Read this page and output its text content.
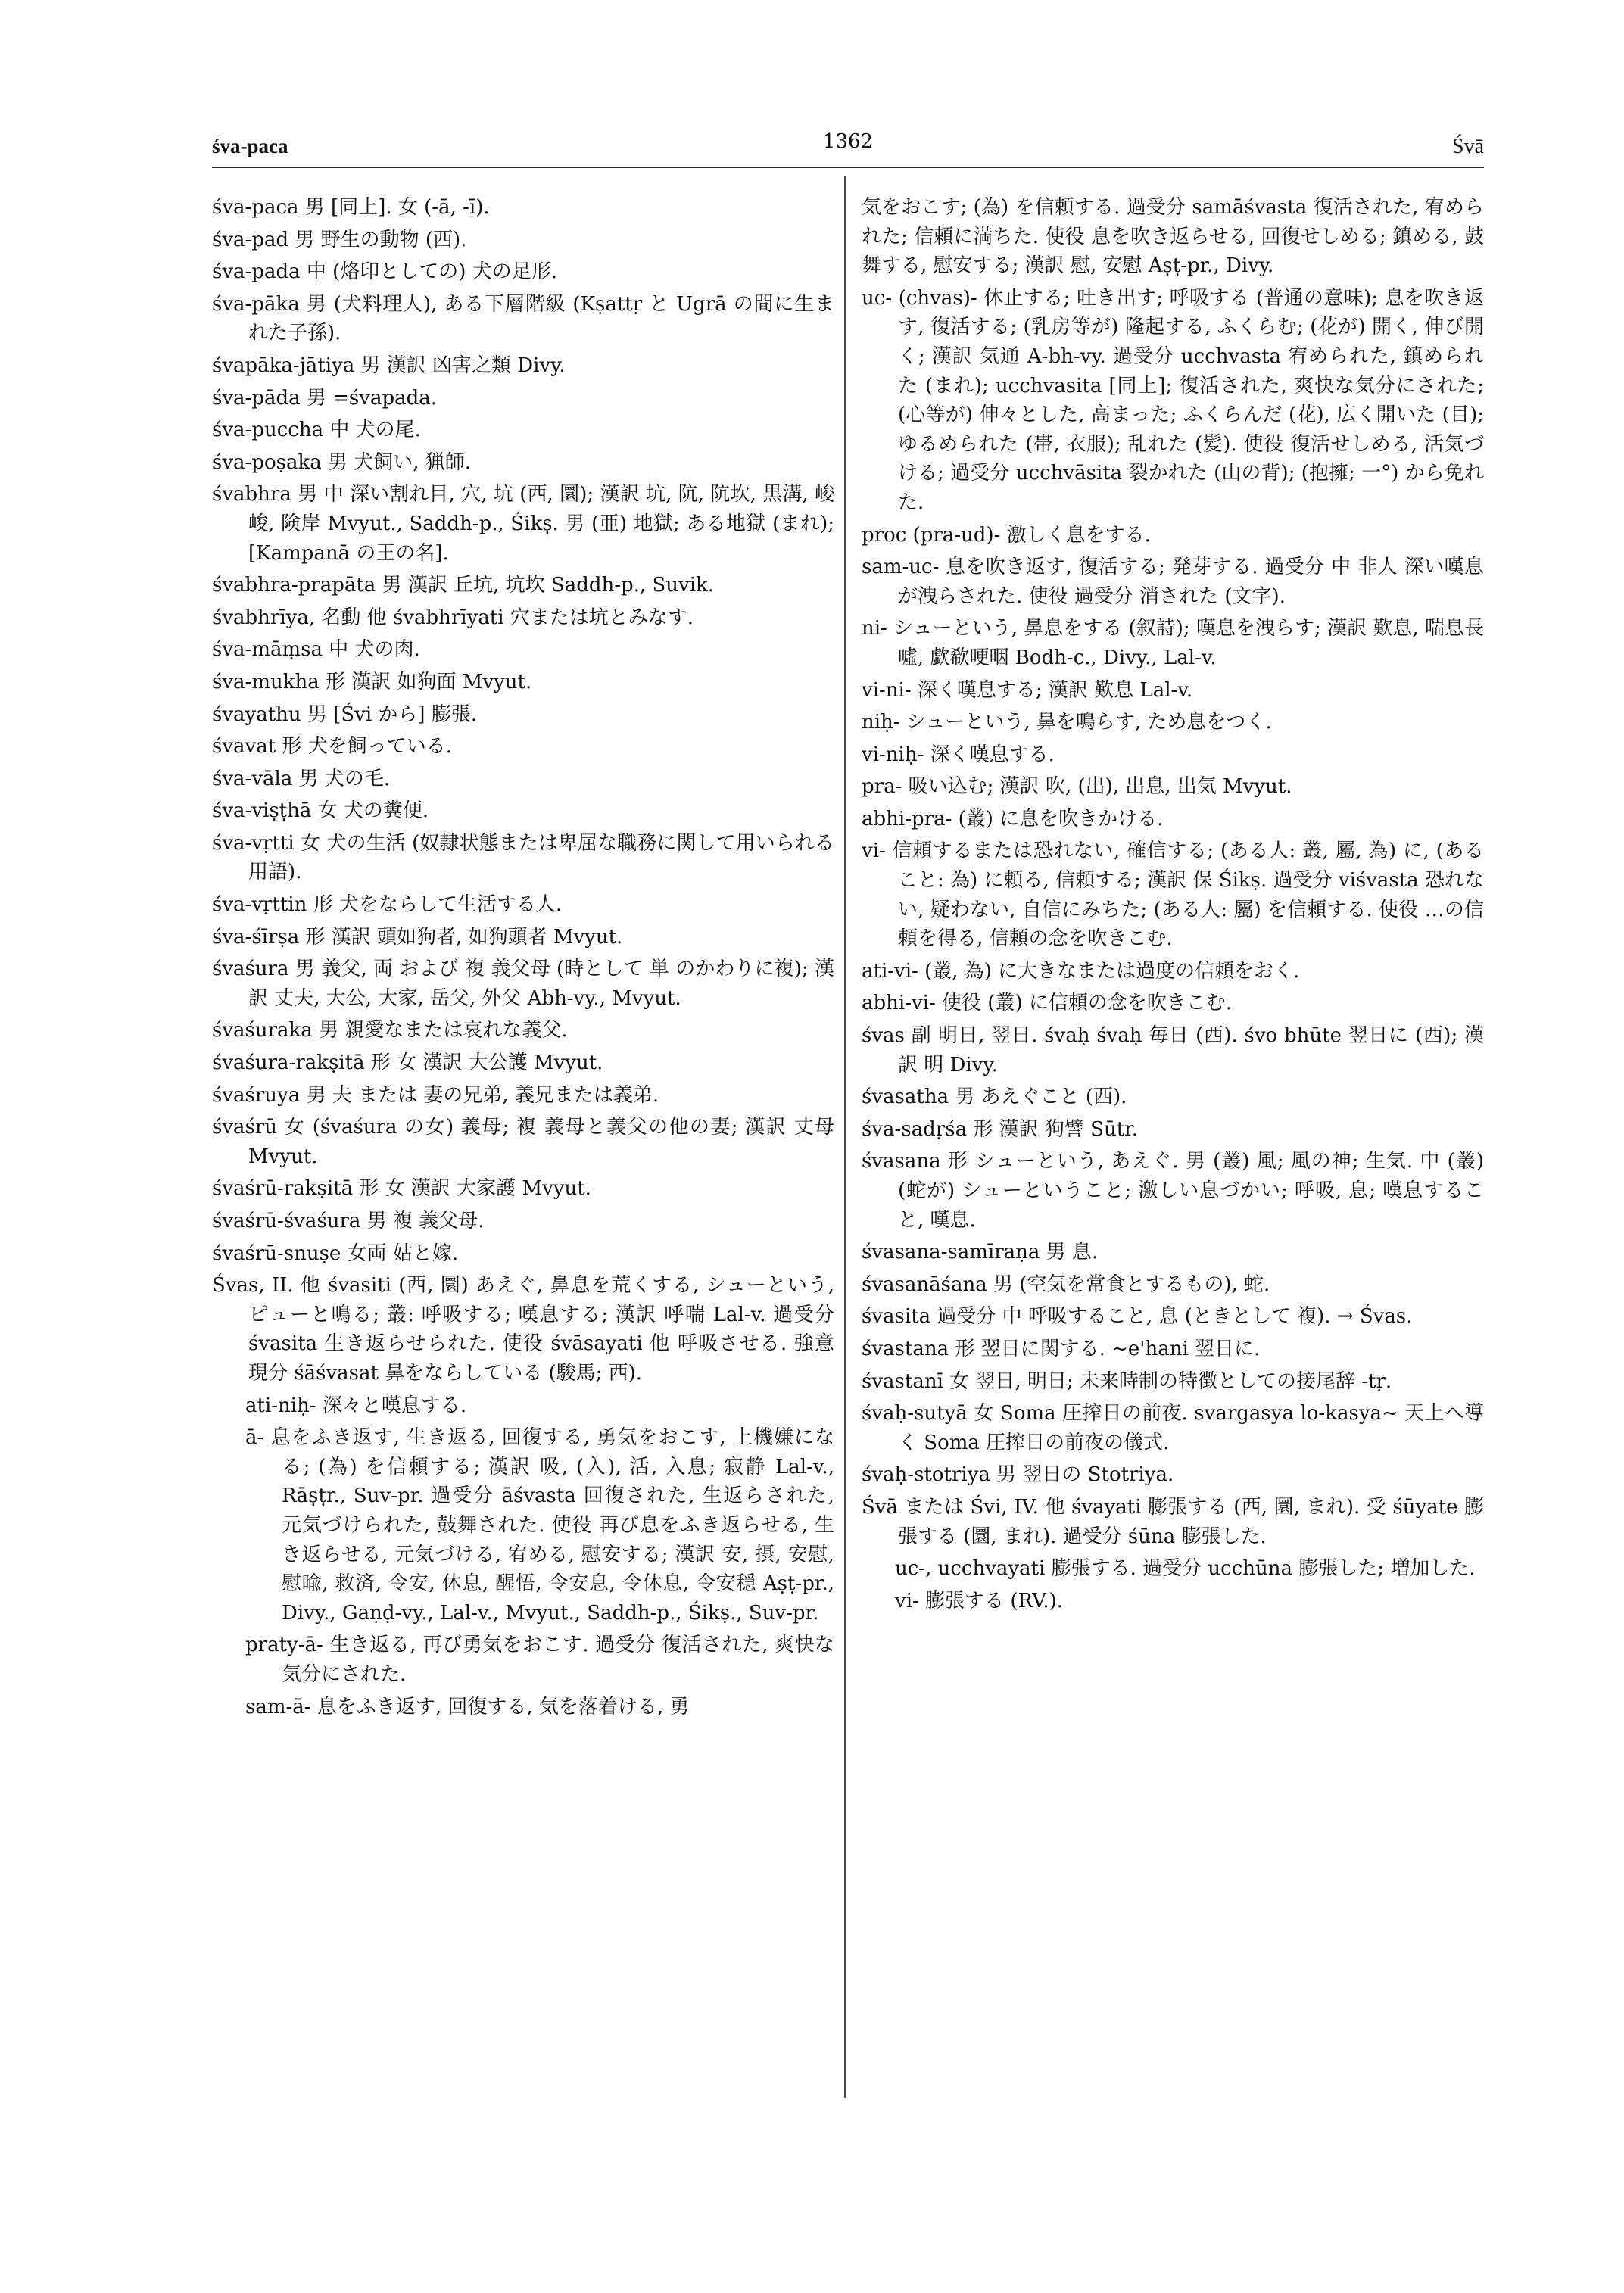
1362
śva-paca	Śvā

śva-paca 男 [同上]. 女 (-ā, -ī).

śva-pad 男 野生の動物 (西).

śva-pada 中 (烙印としての) 犬の足形.

śva-pāka 男 (犬料理人), ある下層階級 (Kṣattṛ と Ugrā の間に生まれた子孫).

śvapāka-jātiya 男 漢訳 凶害之類 Divy.

śva-pāda 男 =śvapada.

śva-puccha 中 犬の尾.

śva-poṣaka 男 犬飼い, 猟師.

śvabhra 男 中 深い割れ目, 穴, 坑 (西, 圜); 漢訳 坑, 阬, 阬坎, 黒溝, 峻峻, 険岸 Mvyut., Saddh-p., Śikṣ. 男 (亜) 地獄; ある地獄 (まれ); [Kampanā の王の名].

śvabhra-prapāta 男 漢訳 丘坑, 坑坎 Saddh-p., Suvik.

śvabhrīya, 名動 他 śvabhrīyati 穴または坑とみなす.

śva-māṃsa 中 犬の肉.

śva-mukha 形 漢訳 如狗面 Mvyut.

śvayathu 男 [Śvi から] 膨張.

śvavat 形 犬を飼っている.

śva-vāla 男 犬の毛.

śva-viṣṭhā 女 犬の糞便.

śva-vṛtti 女 犬の生活 (奴隷状態または卑屈な職務に関して用いられる用語).

śva-vṛttin 形 犬をならして生活する人.

śva-śīrṣa 形 漢訳 頭如狗者, 如狗頭者 Mvyut.

śvaśura 男 義父, 両 および 複 義父母 (時として 単 のかわりに複); 漢訳 丈夫, 大公, 大家, 岳父, 外父 Abh-vy., Mvyut.

śvaśuraka 男 親愛なまたは哀れな義父.

śvaśura-rakṣitā 形 女 漢訳 大公護 Mvyut.

śvaśruya 男 夫 または 妻の兄弟, 義兄または義弟.

śvaśrū 女 (śvaśura の女) 義母; 複 義母と義父の他の妻; 漢訳 丈母 Mvyut.

śvaśrū-rakṣitā 形 女 漢訳 大家護 Mvyut.

śvaśrū-śvaśura 男 複 義父母.

śvaśrū-snuṣe 女両 姑と嫁.

Śvas, II. 他 śvasiti (西, 圜) あえぐ, 鼻息を荒くする, シューという, ピューと鳴る; 叢: 呼吸する; 嘆息する; 漢訳 呼喘 Lal-v. 過受分 śvasita 生き返らせられた. 使役 śvāsayati 他 呼吸させる. 強意 現分 śāśvasat 鼻をならしている (駿馬; 西).

ati-niḥ- 深々と嘆息する.

ā- 息をふき返す, 生き返る, 回復する, 勇気をおこす, 上機嫌になる; (為) を信頼する; 漢訳 吸, (入), 活, 入息; 寂静 Lal-v., Rāṣṭr., Suv-pr. 過受分 āśvasta 回復された, 生返らされた, 元気づけられた, 鼓舞された. 使役 再び息をふき返らせる, 生き返らせる, 元気づける, 宥める, 慰安する; 漢訳 安, 摂, 安慰, 慰喩, 救済, 令安, 休息, 醒悟, 令安息, 令休息, 令安穏 Aṣṭ-pr., Divy., Gaṇḍ-vy., Lal-v., Mvyut., Saddh-p., Śikṣ., Suv-pr.

praty-ā- 生き返る, 再び勇気をおこす. 過受分 復活された, 爽快な気分にされた.

sam-ā- 息をふき返す, 回復する, 気を落着ける, 勇

気をおこす; (為) を信頼する. 過受分 samāśvasta 復活された, 宥められた; 信頼に満ちた. 使役 息を吹き返らせる, 回復せしめる; 鎮める, 鼓舞する, 慰安する; 漢訳 慰, 安慰 Aṣṭ-pr., Divy.

uc- (chvas)- 休止する; 吐き出す; 呼吸する (普通の意味); 息を吹き返す, 復活する; (乳房等が) 隆起する, ふくらむ; (花が) 開く, 伸び開く; 漢訳 気通 A-bh-vy. 過受分 ucchvasta 宥められた, 鎮められた (まれ); ucchvasita [同上]; 復活された, 爽快な気分にされた; (心等が) 伸々とした, 高まった; ふくらんだ (花), 広く開いた (目); ゆるめられた (帯, 衣服); 乱れた (髪). 使役 復活せしめる, 活気づける; 過受分 ucchvāsita 裂かれた (山の背); (抱擁; 一°) から免れた.

proc (pra-ud)- 激しく息をする.

sam-uc- 息を吹き返す, 復活する; 発芽する. 過受分 中 非人 深い嘆息が洩らされた. 使役 過受分 消された (文字).

ni- シューという, 鼻息をする (叙詩); 嘆息を洩らす; 漢訳 歎息, 喘息長噓, 歔欷哽咽 Bodh-c., Divy., Lal-v.

vi-ni- 深く嘆息する; 漢訳 歎息 Lal-v.

niḥ- シューという, 鼻を鳴らす, ため息をつく.

vi-niḥ- 深く嘆息する.

pra- 吸い込む; 漢訳 吹, (出), 出息, 出気 Mvyut.

abhi-pra- (叢) に息を吹きかける.

vi- 信頼するまたは恐れない, 確信する; (ある人: 叢, 屬, 為) に, (あること: 為) に頼る, 信頼する; 漢訳 保 Śikṣ. 過受分 viśvasta 恐れない, 疑わない, 自信にみちた; (ある人: 屬) を信頼する. 使役 …の信頼を得る, 信頼の念を吹きこむ.

ati-vi- (叢, 為) に大きなまたは過度の信頼をおく.

abhi-vi- 使役 (叢) に信頼の念を吹きこむ.

śvas 副 明日, 翌日. śvaḥ śvaḥ 毎日 (西). śvo bhūte 翌日に (西); 漢訳 明 Divy.

śvasatha 男 あえぐこと (西).

śva-sadṛśa 形 漢訳 狗譬 Sūtr.

śvasana 形 シューという, あえぐ. 男 (叢) 風; 風の神; 生気. 中 (叢) (蛇が) シューということ; 激しい息づかい; 呼吸, 息; 嘆息すること, 嘆息.

śvasana-samīraṇa 男 息.

śvasanāśana 男 (空気を常食とするもの), 蛇.

śvasita 過受分 中 呼吸すること, 息 (ときとして 複). → Śvas.

śvastana 形 翌日に関する. ~e'hani 翌日に.

śvastanī 女 翌日, 明日; 未来時制の特徴としての接尾辞 -tṛ.

śvaḥ-sutyā 女 Soma 圧搾日の前夜. svargasya lo-kasya~ 天上へ導く Soma 圧搾日の前夜の儀式.

śvaḥ-stotriya 男 翌日の Stotriya.

Śvā または Śvi, IV. 他 śvayati 膨張する (西, 圜, まれ). 受 śūyate 膨張する (圜, まれ). 過受分 śūna 膨張した.

uc-, ucchvayati 膨張する. 過受分 ucchūna 膨張した; 増加した.

vi- 膨張する (RV.).
